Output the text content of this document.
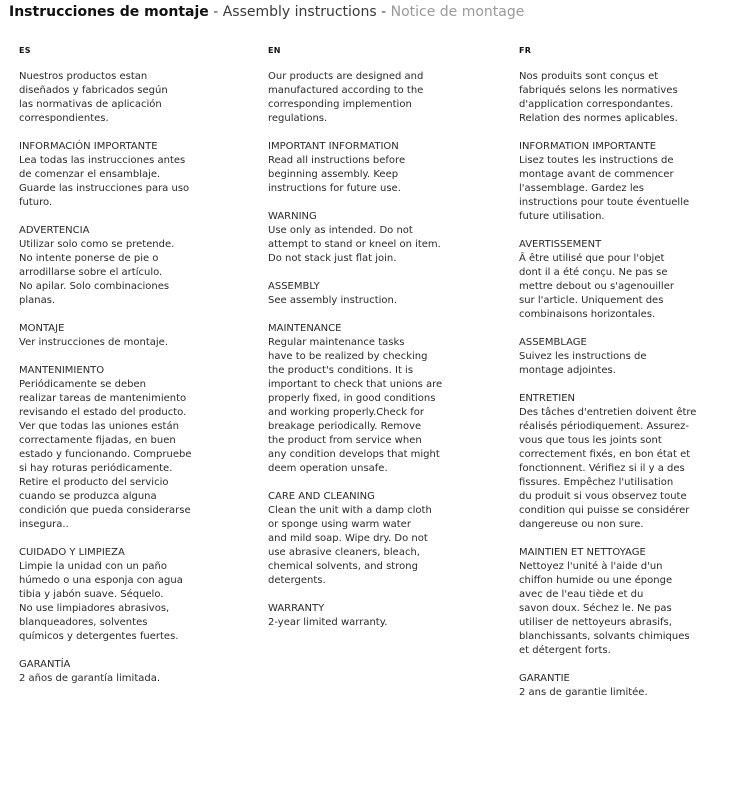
Instrucciones de montaje - Assembly instructions - Notice de montage
ES
Nuestros productos estan
diseñados y fabricados según
las normativas de aplicación
correspondientes.
INFORMACIÓN IMPORTANTE
Lea todas las instrucciones antes
de comenzar el ensamblaje.
Guarde las instrucciones para uso
futuro.
ADVERTENCIA
Utilizar solo como se pretende.
No intente ponerse de pie o
arrodillarse sobre el artículo.
No apilar. Solo combinaciones
planas.
MONTAJE
Ver instrucciones de montaje.
MANTENIMIENTO
Periódicamente se deben
realizar tareas de mantenimiento
revisando el estado del producto.
Ver que todas las uniones están
correctamente fijadas, en buen
estado y funcionando. Compruebe
si hay roturas periódicamente.
Retire el producto del servicio
cuando se produzca alguna
condición que pueda considerarse
insegura..
CUIDADO Y LIMPIEZA
Limpie la unidad con un paño
húmedo o una esponja con agua
tibia y jabón suave. Séquelo.
No use limpiadores abrasivos,
blanqueadores, solventes
químicos y detergentes fuertes.
GARANTÍA
2 años de garantía limitada.
EN
Our products are designed and
manufactured according to the
corresponding implemention
regulations.
IMPORTANT INFORMATION
Read all instructions before
beginning assembly. Keep
instructions for future use.
WARNING
Use only as intended. Do not
attempt to stand or kneel on item.
Do not stack just flat join.
ASSEMBLY
See assembly instruction.
MAINTENANCE
Regular maintenance tasks
have to be realized by checking
the product's conditions. It is
important to check that unions are
properly fixed, in good conditions
and working properly.Check for
breakage periodically. Remove
the product from service when
any condition develops that might
deem operation unsafe.
CARE AND CLEANING
Clean the unit with a damp cloth
or sponge using warm water
and mild soap. Wipe dry. Do not
use abrasive cleaners, bleach,
chemical solvents, and strong
detergents.
WARRANTY
2-year limited warranty.
FR
Nos produits sont conçus et
fabriqués selons les normatives
d'application correspondantes.
Relation des normes aplicables.
INFORMATION IMPORTANTE
Lisez toutes les instructions de
montage avant de commencer
l'assemblage. Gardez les
instructions pour toute éventuelle
future utilisation.
AVERTISSEMENT
Â être utilisé que pour l'objet
dont il a été conçu. Ne pas se
mettre debout ou s'agenouiller
sur l'article. Uniquement des
combinaisons horizontales.
ASSEMBLAGE
Suivez les instructions de
montage adjointes.
ENTRETIEN
Des tâches d'entretien doivent être
réalisés périodiquement. Assurez-
vous que tous les joints sont
correctement fixés, en bon état et
fonctionnent. Vérifiez si il y a des
fissures. Empêchez l'utilisation
du produit si vous observez toute
condition qui puisse se considérer
dangereuse ou non sure.
MAINTIEN ET NETTOYAGE
Nettoyez l'unité à l'aide d'un
chiffon humide ou une éponge
avec de l'eau tiède et du
savon doux. Séchez le. Ne pas
utiliser de nettoyeurs abrasifs,
blanchissants, solvants chimiques
et détergent forts.
GARANTIE
2 ans de garantie limitée.
